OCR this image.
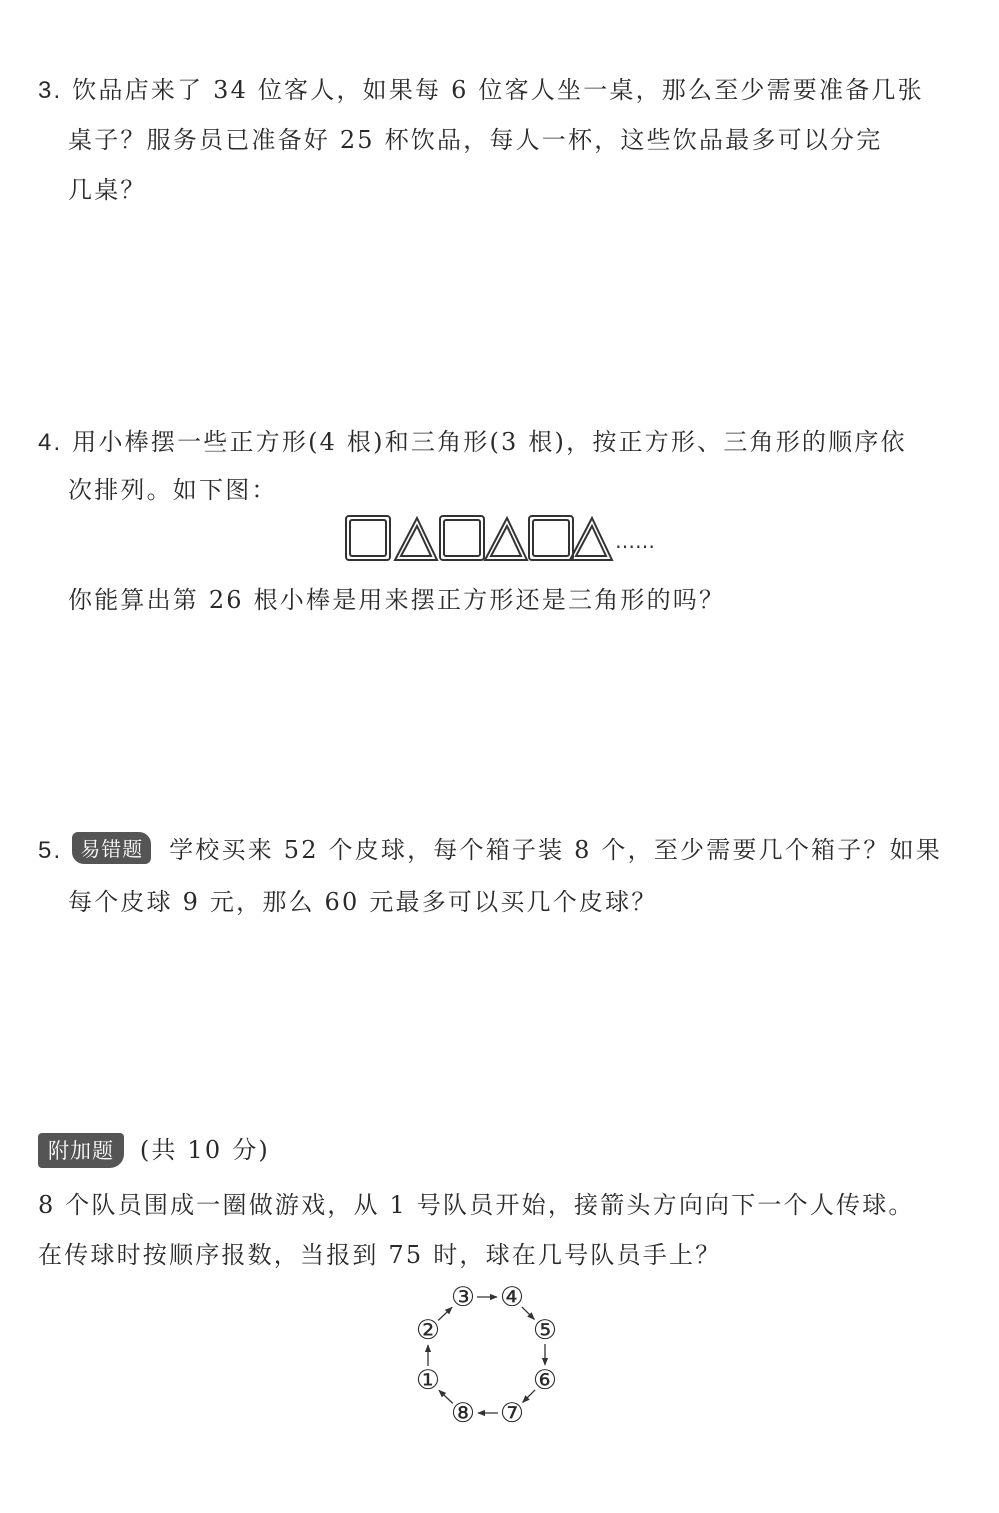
3. 饮品店来了 34 位客人，如果每 6 位客人坐一桌，那么至少需要准备几张
桌子？服务员已准备好 25 杯饮品，每人一杯，这些饮品最多可以分完
几桌？
4. 用小棒摆一些正方形(4 根)和三角形(3 根)，按正方形、三角形的顺序依
次排列。如下图：
你能算出第 26 根小棒是用来摆正方形还是三角形的吗？
……
5. 易错题 学校买来 52 个皮球，每个箱子装 8 个，至少需要几个箱子？如果
每个皮球 9 元，那么 60 元最多可以买几个皮球？
附加题 (共 10 分)
8 个队员围成一圈做游戏，从 1 号队员开始，接箭头方向向下一个人传球。
在传球时按顺序报数，当报到 75 时，球在几号队员手上？
①
②
③ ④
⑤
⑥
⑦
⑧
